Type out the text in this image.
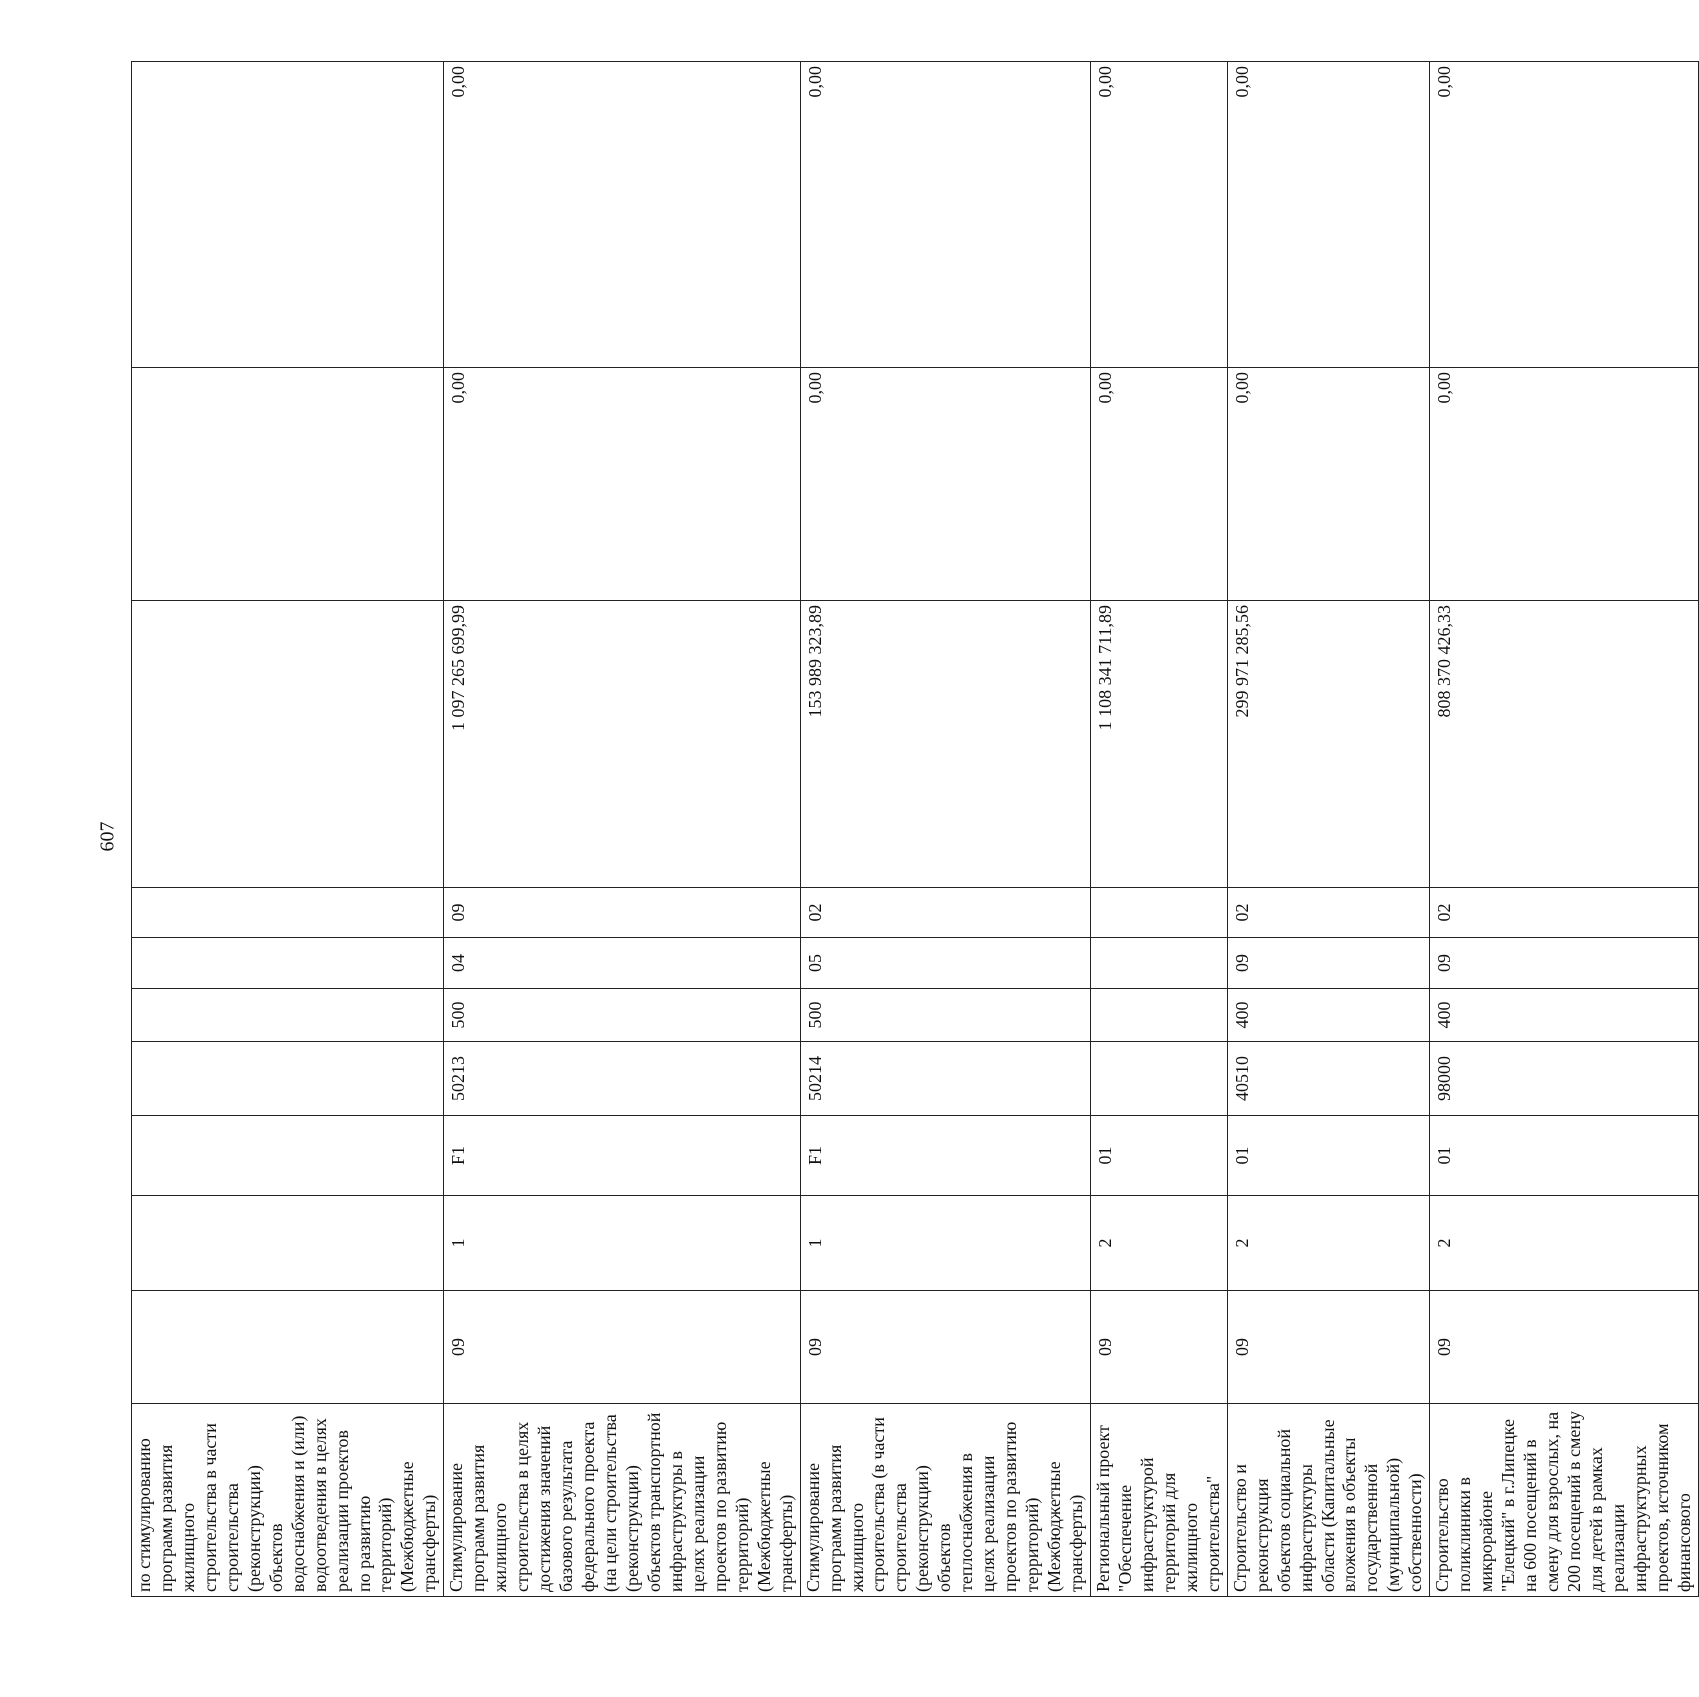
607
по стимулированию программ развития жилищного строительства в части строительства (реконструкции) объектов водоснабжения и (или) водоотведения в целях реализации проектов по развитию территорий) (Межбюджетные трансферты)										
Стимулирование программ развития жилищного строительства в целях достижения значений базового результата федерального проекта (на цели строительства (реконструкции) объектов транспортной инфраструктуры в целях реализации проектов по развитию территорий) (Межбюджетные трансферты)	09	1	F1	50213	500	04	09	1 097 265 699,99	0,00	0,00
Стимулирование программ развития жилищного строительства (в части строительства (реконструкции) объектов теплоснабжения в целях реализации проектов по развитию территорий) (Межбюджетные трансферты)	09	1	F1	50214	500	05	02	153 989 323,89	0,00	0,00
Региональный проект "Обеспечение инфраструктурой территорий для жилищного строительства"	09	2	01					1 108 341 711,89	0,00	0,00
Строительство и реконструкция объектов социальной инфраструктуры области (Капитальные вложения в объекты государственной (муниципальной) собственности)	09	2	01	40510	400	09	02	299 971 285,56	0,00	0,00
Строительство поликлиники в микрорайоне "Елецкий" в г.Липецке на 600 посещений в смену для взрослых, на 200 посещений в смену для детей в рамках реализации инфраструктурных проектов, источником финансового	09	2	01	98000	400	09	02	808 370 426,33	0,00	0,00
